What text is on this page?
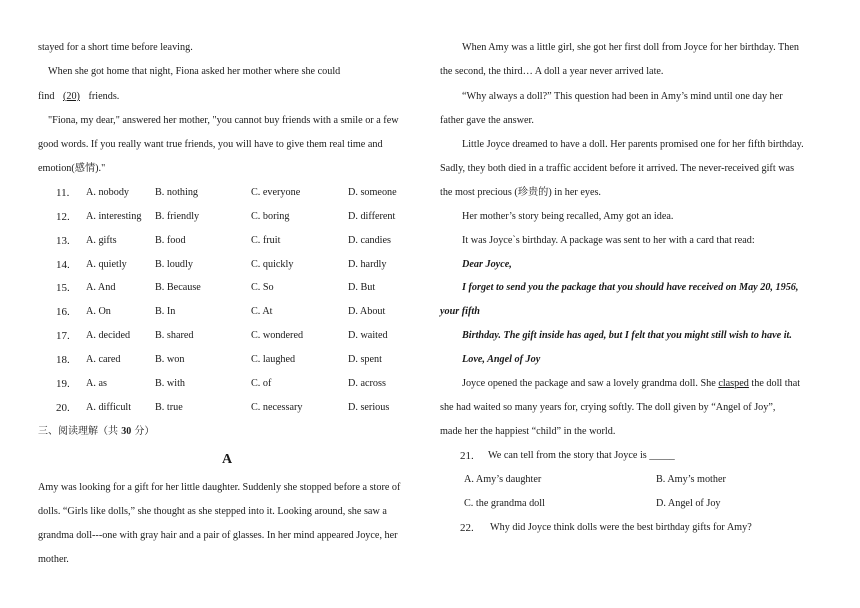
stayed for a short time before leaving.
When she got home that night, Fiona asked her mother where she could
find (20) friends.
"Fiona, my dear," answered her mother, "you cannot buy friends with a smile or a few
good words. If you really want true friends, you will have to give them real time and
emotion(感情)."
11. A. nobody	B. nothing	C. everyone	D. someone
12. A. interesting B. friendly	C. boring	D. different
13. A. gifts	B. food	C. fruit	D. candies
14. A. quietly	B. loudly	C. quickly	D. hardly
15. A. And	B. Because	C. So	D. But
16. A. On	B. In	C. At	D. About
17. A. decided B. shared	C. wondered	D. waited
18. A. cared	B. won	C. laughed	D. spent
19. A. as	B. with	C. of	D. across
20. A. difficult B. true	C. necessary	D. serious
三、阅读理解（共 30 分）
A
Amy was looking for a gift for her little daughter. Suddenly she stopped before a store of
dolls. “Girls like dolls,” she thought as she stepped into it. Looking around, she saw a
grandma doll---one with gray hair and a pair of glasses. In her mind appeared Joyce, her
mother.
When Amy was a little girl, she got her first doll from Joyce for her birthday. Then
the second, the third… A doll a year never arrived late.
“Why always a doll?” This question had been in Amy’s mind until one day her
father gave the answer.
Little Joyce dreamed to have a doll. Her parents promised one for her fifth birthday.
Sadly, they both died in a traffic accident before it arrived. The never-received gift was
the most precious (珍贵的) in her eyes.
Her mother’s story being recalled, Amy got an idea.
It was Joyce`s birthday. A package was sent to her with a card that read:
Dear Joyce,
I forget to send you the package that you should have received on May 20, 1956,
your fifth
Birthday. The gift inside has aged, but I felt that you might still wish to have it.
Love, Angel of Joy
Joyce opened the package and saw a lovely grandma doll. She clasped the doll that
she had waited so many years for, crying softly. The doll given by “Angel of Joy”,
made her the happiest “child” in the world.
21. We can tell from the story that Joyce is _____
A. Amy’s daughter	B. Amy’s mother
C. the grandma doll	D. Angel of Joy
22. Why did Joyce think dolls were the best birthday gifts for Amy?
